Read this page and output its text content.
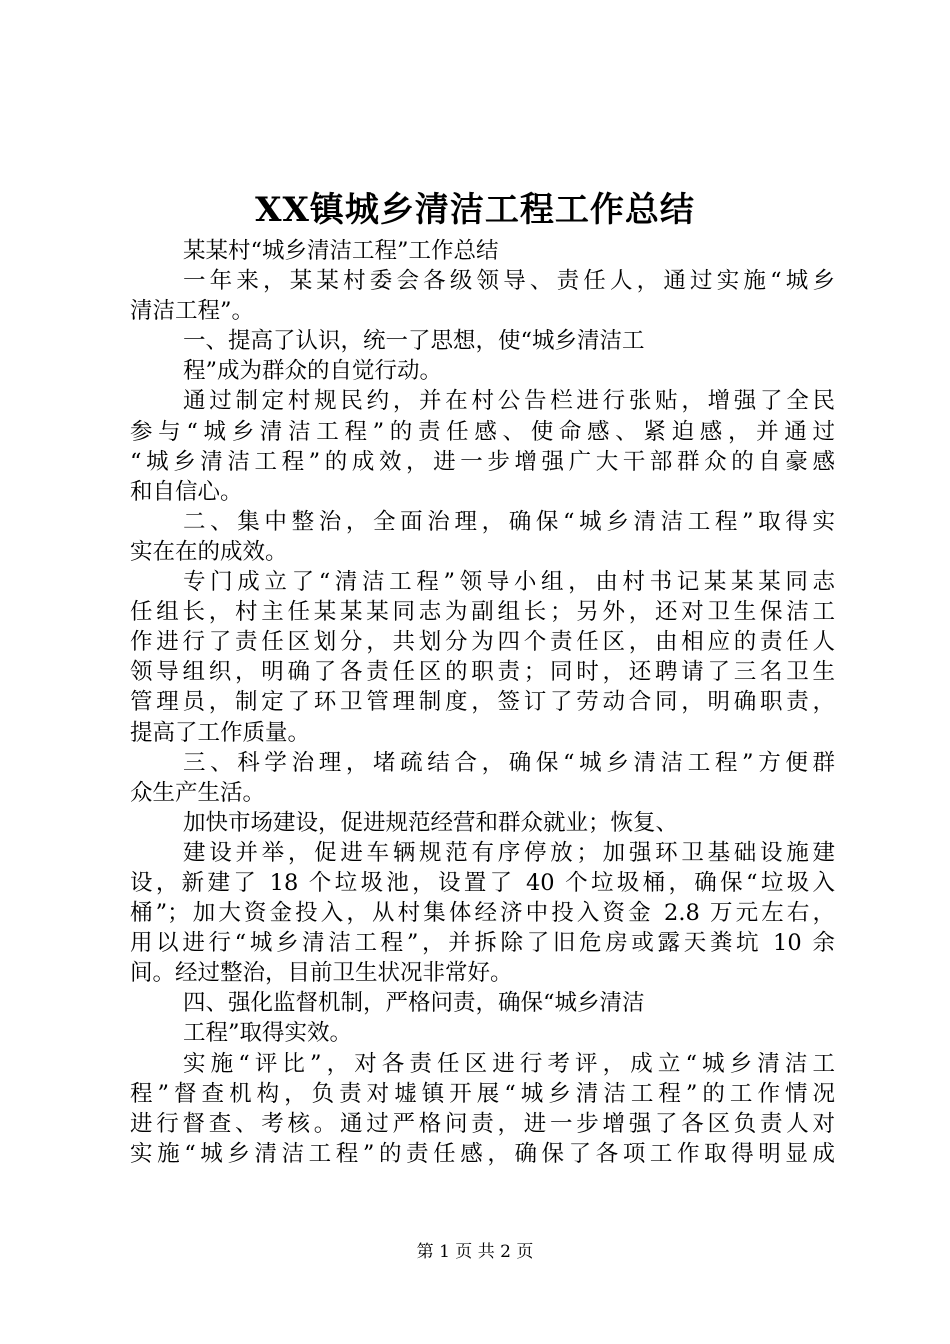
XX镇城乡清洁工程工作总结
某某村“城乡清洁工程”工作总结
一年来，某某村委会各级领导、责任人，通过实施“城乡
清洁工程”。
一、提高了认识，统一了思想，使“城乡清洁工
程”成为群众的自觉行动。
通过制定村规民约，并在村公告栏进行张贴，增强了全民
参与“城乡清洁工程”的责任感、使命感、紧迫感，并通过
“城乡清洁工程”的成效，进一步增强广大干部群众的自豪感
和自信心。
二、集中整治，全面治理，确保“城乡清洁工程”取得实
实在在的成效。
专门成立了“清洁工程”领导小组，由村书记某某某同志
任组长，村主任某某某同志为副组长；另外，还对卫生保洁工
作进行了责任区划分，共划分为四个责任区，由相应的责任人
领导组织，明确了各责任区的职责；同时，还聘请了三名卫生
管理员，制定了环卫管理制度，签订了劳动合同，明确职责，
提高了工作质量。
三、科学治理，堵疏结合，确保“城乡清洁工程”方便群
众生产生活。
加快市场建设，促进规范经营和群众就业；恢复、
建设并举，促进车辆规范有序停放；加强环卫基础设施建
设，新建了 18 个垃圾池，设置了 40 个垃圾桶，确保“垃圾入
桶”；加大资金投入，从村集体经济中投入资金 2.8 万元左右，
用以进行“城乡清洁工程”，并拆除了旧危房或露天粪坑 10 余
间。经过整治，目前卫生状况非常好。
四、强化监督机制，严格问责，确保“城乡清洁
工程”取得实效。
实施“评比”，对各责任区进行考评，成立“城乡清洁工
程”督查机构，负责对墟镇开展“城乡清洁工程”的工作情况
进行督查、考核。通过严格问责，进一步增强了各区负责人对
实施“城乡清洁工程”的责任感，确保了各项工作取得明显成
第 1 页 共 2 页
